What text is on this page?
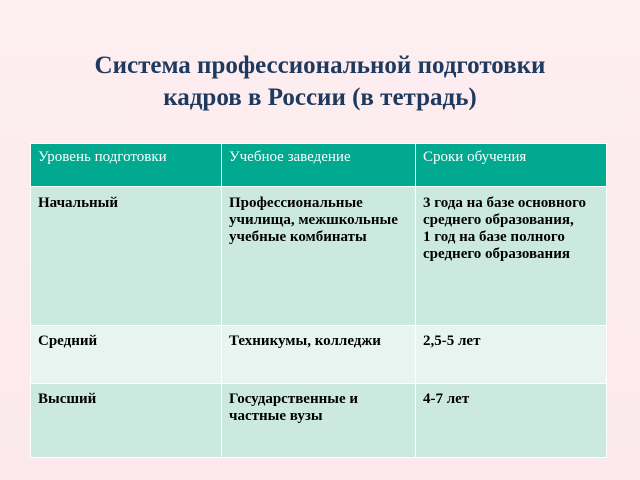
Система профессиональной подготовки
кадров в России (в тетрадь)
Уровень подготовки	Учебное заведение	Сроки обучения
Начальный	Профессиональные училища, межшкольные учебные комбинаты	3 года на базе основного среднего образования,
1 год на базе полного среднего образования
Средний	Техникумы, колледжи	2,5-5 лет
Высший	Государственные и частные вузы	4-7 лет
